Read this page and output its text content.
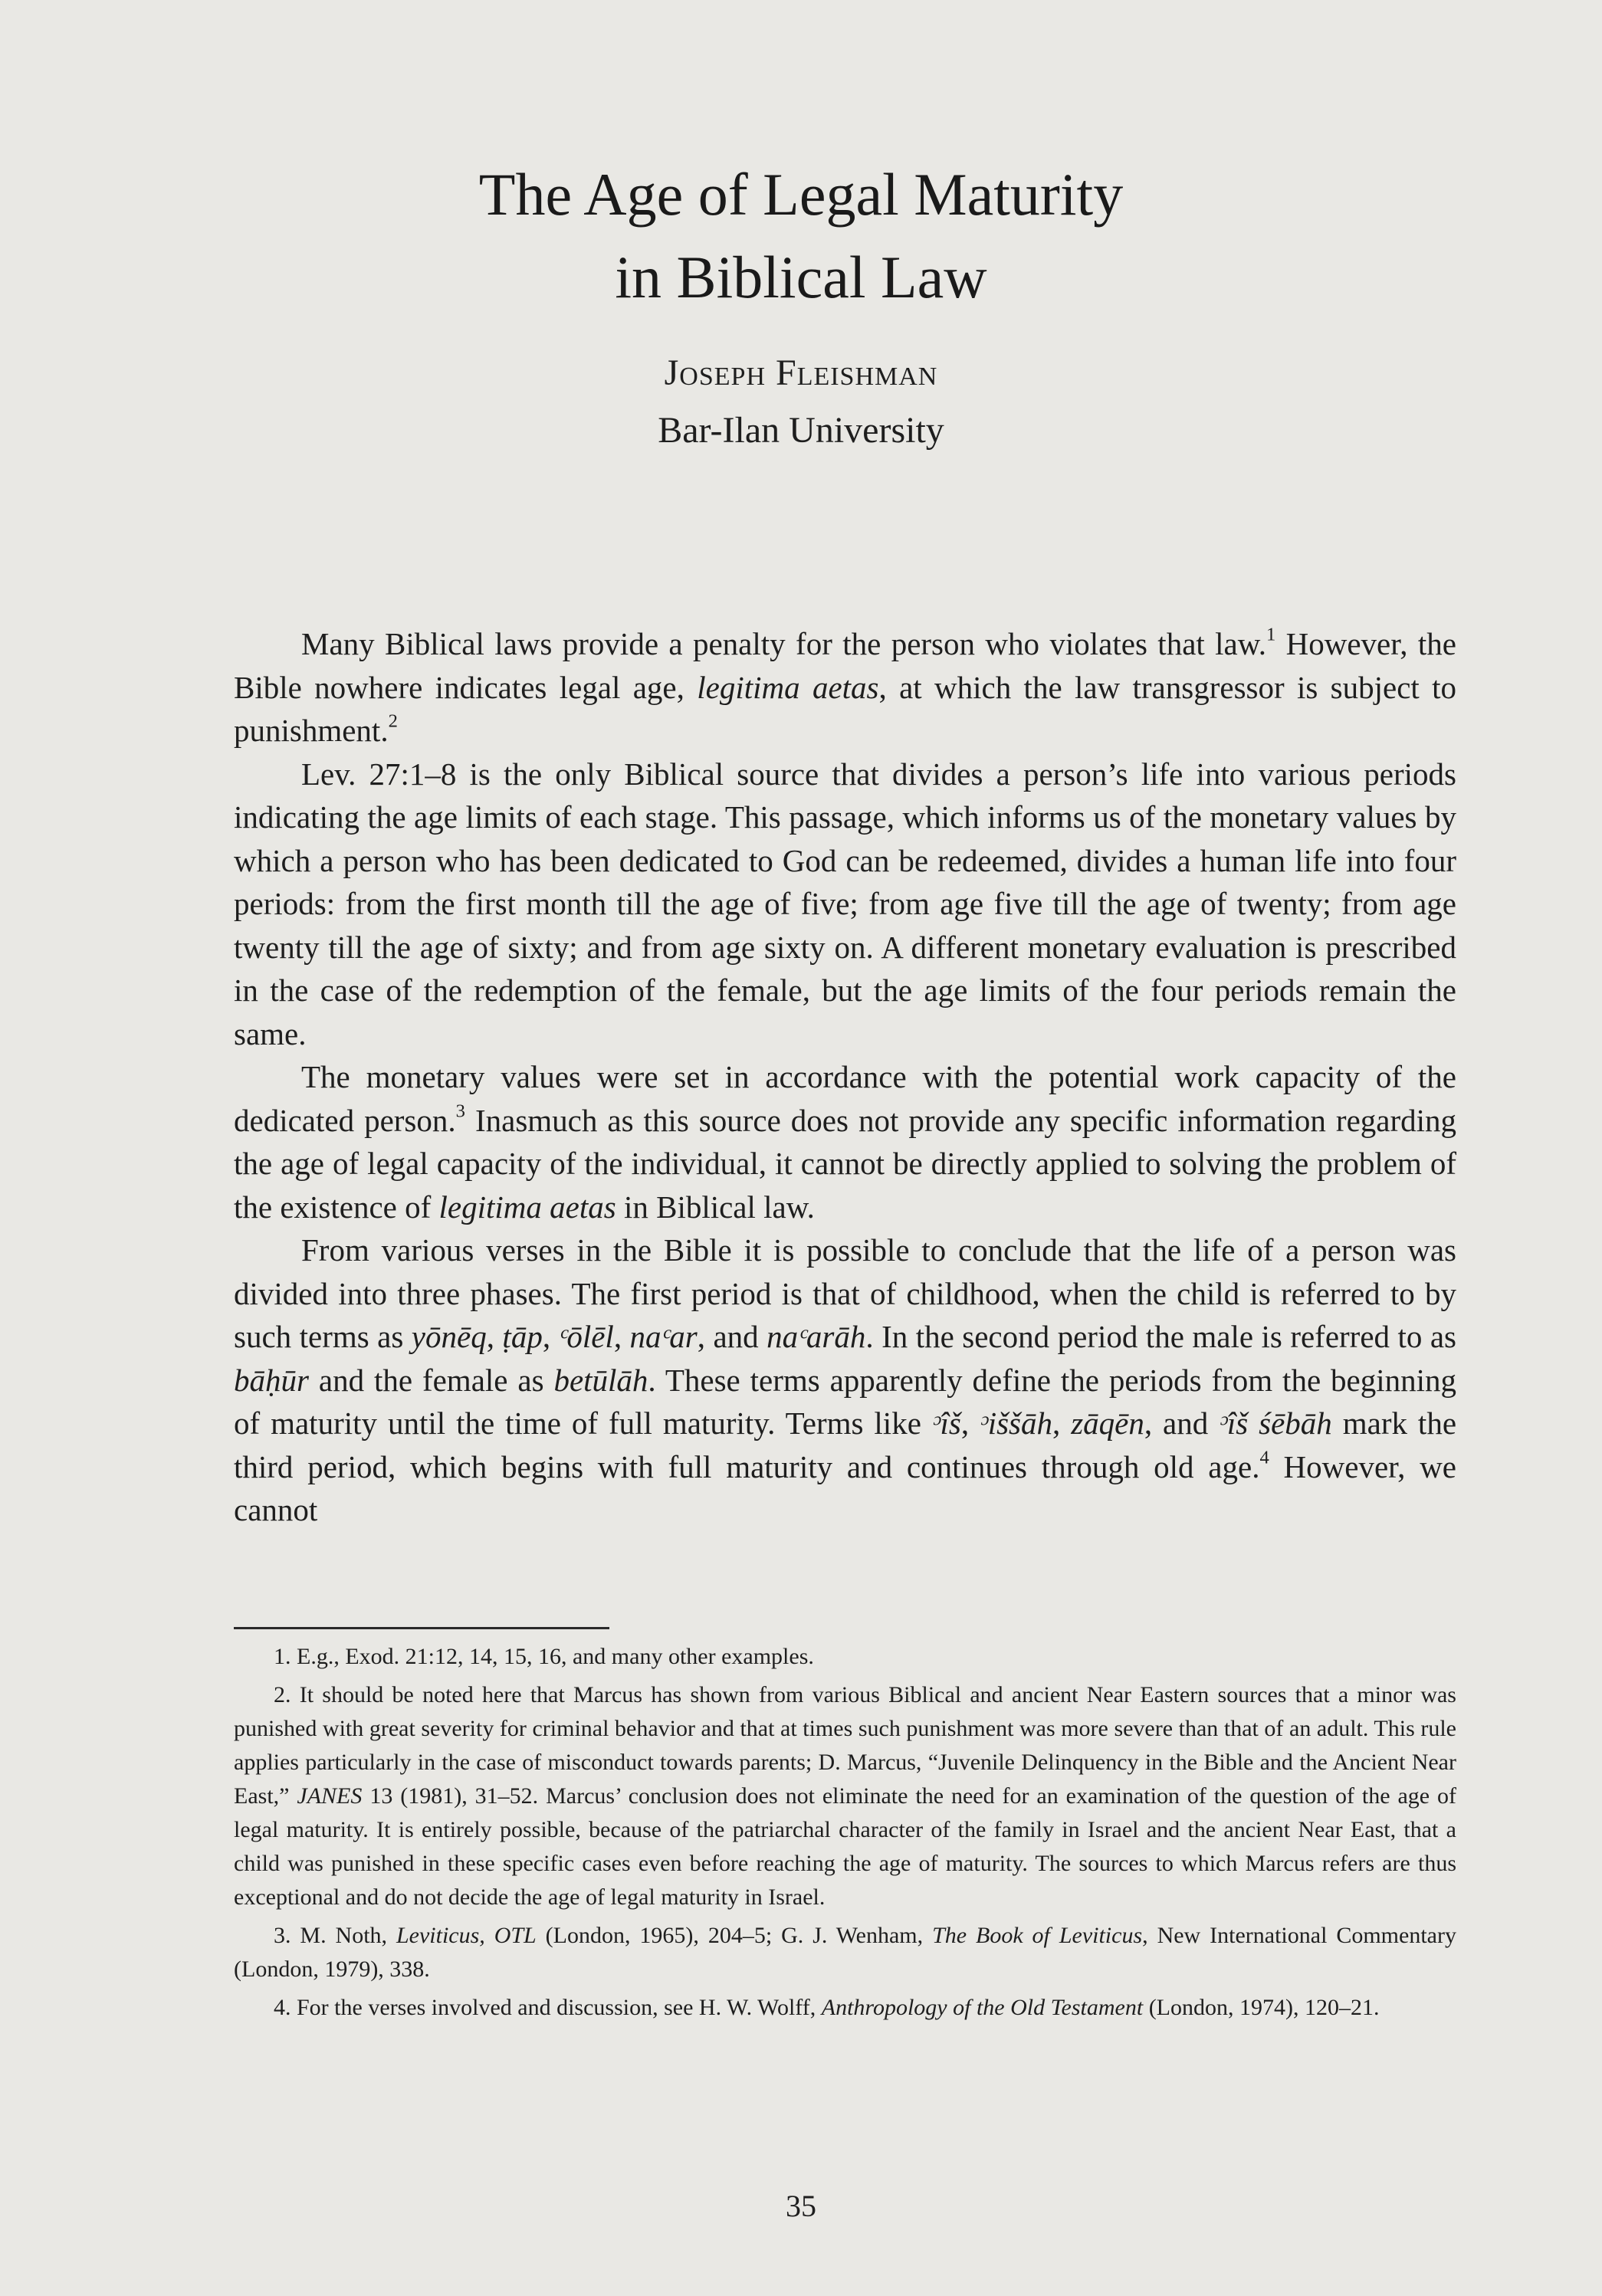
The Age of Legal Maturity
in Biblical Law
Joseph Fleishman
Bar-Ilan University

Many Biblical laws provide a penalty for the person who violates that law.$^1$ However, the Bible nowhere indicates legal age, legitima aetas, at which the law transgressor is subject to punishment.$^2$

Lev. 27:1–8 is the only Biblical source that divides a person’s life into various periods indicating the age limits of each stage. This passage, which informs us of the monetary values by which a person who has been dedicated to God can be redeemed, divides a human life into four periods: from the first month till the age of five; from age five till the age of twenty; from age twenty till the age of sixty; and from age sixty on. A different monetary evaluation is prescribed in the case of the redemption of the female, but the age limits of the four periods remain the same.

The monetary values were set in accordance with the potential work capacity of the dedicated person.$^3$ Inasmuch as this source does not provide any specific information regarding the age of legal capacity of the individual, it cannot be directly applied to solving the problem of the existence of legitima aetas in Biblical law.

From various verses in the Bible it is possible to conclude that the life of a person was divided into three phases. The first period is that of childhood, when the child is referred to by such terms as yōnēq, ṭāp, ᶜōlēl, naᶜar, and naᶜarāh. In the second period the male is referred to as bāḥūr and the female as betūlāh. These terms apparently define the periods from the beginning of maturity until the time of full maturity. Terms like ᵓîš, ᵓiššāh, zāqēn, and ᵓîš śēbāh mark the third period, which begins with full maturity and continues through old age.$^4$ However, we cannot

1. E.g., Exod. 21:12, 14, 15, 16, and many other examples.

2. It should be noted here that Marcus has shown from various Biblical and ancient Near Eastern sources that a minor was punished with great severity for criminal behavior and that at times such punishment was more severe than that of an adult. This rule applies particularly in the case of misconduct towards parents; D. Marcus, “Juvenile Delinquency in the Bible and the Ancient Near East,” JANES 13 (1981), 31–52. Marcus’ conclusion does not eliminate the need for an examination of the question of the age of legal maturity. It is entirely possible, because of the patriarchal character of the family in Israel and the ancient Near East, that a child was punished in these specific cases even before reaching the age of maturity. The sources to which Marcus refers are thus exceptional and do not decide the age of legal maturity in Israel.

3. M. Noth, Leviticus, OTL (London, 1965), 204–5; G. J. Wenham, The Book of Leviticus, New International Commentary (London, 1979), 338.

4. For the verses involved and discussion, see H. W. Wolff, Anthropology of the Old Testament (London, 1974), 120–21.

35
